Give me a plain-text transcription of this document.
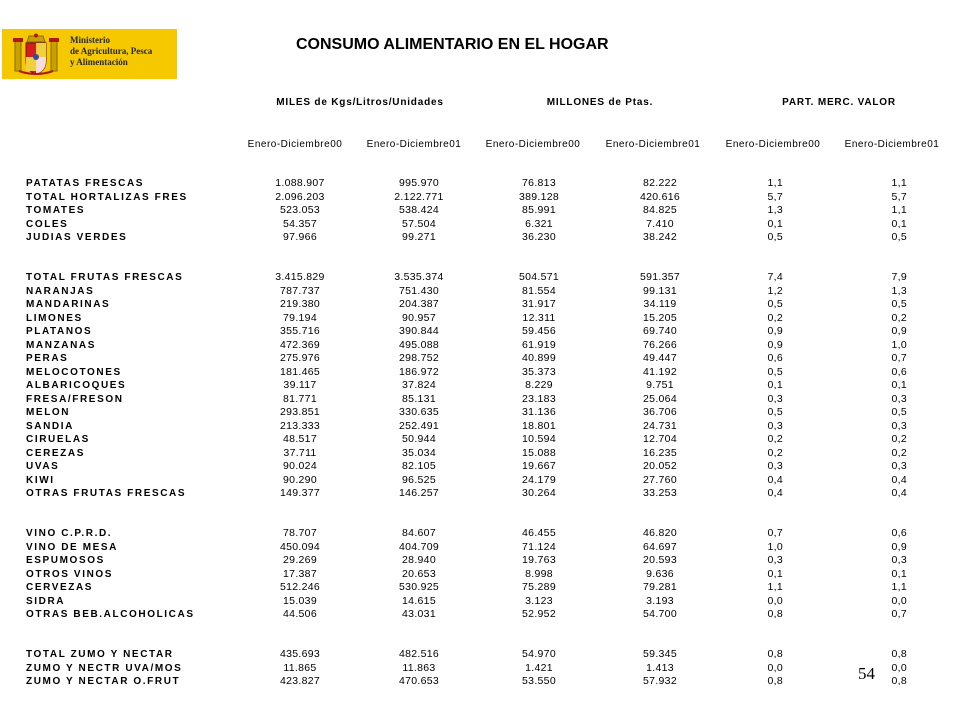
Ministerio
de Agricultura, Pesca
y Alimentación
CONSUMO ALIMENTARIO EN EL HOGAR
MILES de Kgs/Litros/Unidades	MILLONES de Ptas.	PART. MERC. VALOR
Enero-Diciembre00 Enero-Diciembre01 Enero-Diciembre00	Enero-Diciembre01	Enero-Diciembre00 Enero-Diciembre01
PATATAS FRESCAS	1.088.907	995.970	76.813	82.222	1,1	1,1
TOTAL HORTALIZAS FRES	2.096.203	2.122.771	389.128	420.616	5,7	5,7
TOMATES	523.053	538.424	85.991	84.825	1,3	1,1
COLES	54.357	57.504	6.321	7.410	0,1	0,1
JUDIAS VERDES	97.966	99.271	36.230	38.242	0,5	0,5
TOTAL FRUTAS FRESCAS	3.415.829	3.535.374	504.571	591.357	7,4	7,9
NARANJAS	787.737	751.430	81.554	99.131	1,2	1,3
MANDARINAS	219.380	204.387	31.917	34.119	0,5	0,5
LIMONES	79.194	90.957	12.311	15.205	0,2	0,2
PLATANOS	355.716	390.844	59.456	69.740	0,9	0,9
MANZANAS	472.369	495.088	61.919	76.266	0,9	1,0
PERAS	275.976	298.752	40.899	49.447	0,6	0,7
MELOCOTONES	181.465	186.972	35.373	41.192	0,5	0,6
ALBARICOQUES	39.117	37.824	8.229	9.751	0,1	0,1
FRESA/FRESON	81.771	85.131	23.183	25.064	0,3	0,3
MELON	293.851	330.635	31.136	36.706	0,5	0,5
SANDIA	213.333	252.491	18.801	24.731	0,3	0,3
CIRUELAS	48.517	50.944	10.594	12.704	0,2	0,2
CEREZAS	37.711	35.034	15.088	16.235	0,2	0,2
UVAS	90.024	82.105	19.667	20.052	0,3	0,3
KIWI	90.290	96.525	24.179	27.760	0,4	0,4
OTRAS FRUTAS FRESCAS	149.377	146.257	30.264	33.253	0,4	0,4
VINO C.P.R.D.	78.707	84.607	46.455	46.820	0,7	0,6
VINO DE MESA	450.094	404.709	71.124	64.697	1,0	0,9
ESPUMOSOS	29.269	28.940	19.763	20.593	0,3	0,3
OTROS VINOS	17.387	20.653	8.998	9.636	0,1	0,1
CERVEZAS	512.246	530.925	75.289	79.281	1,1	1,1
SIDRA	15.039	14.615	3.123	3.193	0,0	0,0
OTRAS BEB.ALCOHOLICAS	44.506	43.031	52.952	54.700	0,8	0,7
TOTAL ZUMO Y NECTAR	435.693	482.516	54.970	59.345	0,8	0,8
ZUMO Y NECTR UVA/MOS	11.865	11.863	1.421	1.413	0,0	0,0
ZUMO Y NECTAR O.FRUT	423.827	470.653	53.550	57.932	0,8	0,8
54
